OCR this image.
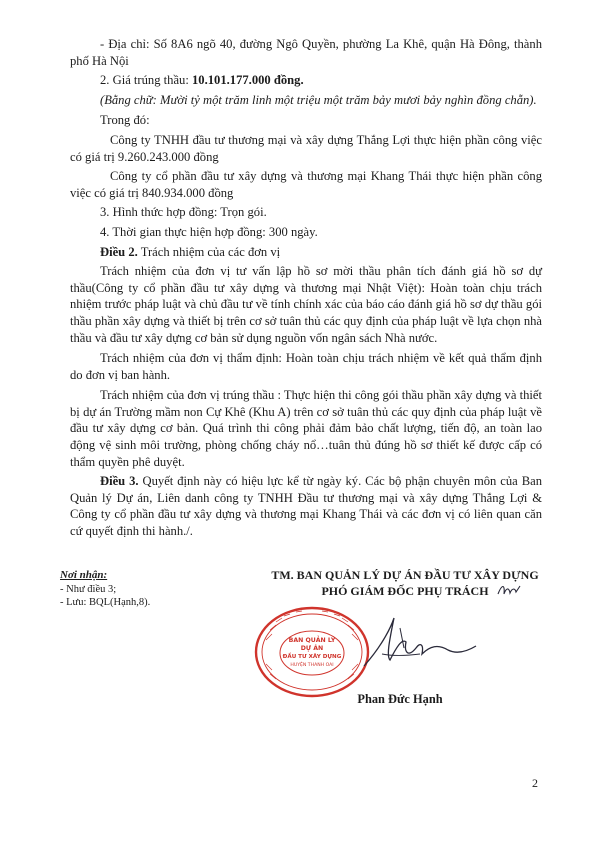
- Địa chỉ: Số 8A6 ngõ 40, đường Ngô Quyền, phường La Khê, quận Hà Đông, thành phố Hà Nội

2. Giá trúng thầu: 10.101.177.000 đồng.

(Bằng chữ: Mười tỷ một trăm linh một triệu một trăm bảy mươi bảy nghìn đồng chẵn).

Trong đó:

Công ty TNHH đầu tư thương mại và xây dựng Thắng Lợi thực hiện phần công việc có giá trị 9.260.243.000 đồng

Công ty cổ phần đầu tư xây dựng và thương mại Khang Thái thực hiện phần công việc có giá trị 840.934.000 đồng

3. Hình thức hợp đồng: Trọn gói.

4. Thời gian thực hiện hợp đồng: 300 ngày.

Điều 2. Trách nhiệm của các đơn vị

Trách nhiệm của đơn vị tư vấn lập hồ sơ mời thầu phân tích đánh giá hồ sơ dự thầu(Công ty cổ phần đầu tư xây dựng và thương mại Nhật Việt): Hoàn toàn chịu trách nhiệm trước pháp luật và chủ đầu tư về tính chính xác của báo cáo đánh giá hồ sơ dự thầu gói thầu phần xây dựng và thiết bị trên cơ sở tuân thủ các quy định của pháp luật về lựa chọn nhà thầu và đầu tư xây dựng cơ bản sử dụng nguồn vốn ngân sách Nhà nước.

Trách nhiệm của đơn vị thẩm định: Hoàn toàn chịu trách nhiệm về kết quả thẩm định do đơn vị ban hành.

Trách nhiệm của đơn vị trúng thầu : Thực hiện thi công gói thầu phần xây dựng và thiết bị dự án Trường mầm non Cự Khê (Khu A) trên cơ sở tuân thủ các quy định của pháp luật về đầu tư xây dựng cơ bản. Quá trình thi công phải đảm bảo chất lượng, tiến độ, an toàn lao động vệ sinh môi trường, phòng chống cháy nổ…tuân thủ đúng hồ sơ thiết kế được cấp có thẩm quyền phê duyệt.

Điều 3. Quyết định này có hiệu lực kể từ ngày ký. Các bộ phận chuyên môn của Ban Quản lý Dự án, Liên danh công ty TNHH Đầu tư thương mại và xây dựng Thắng Lợi & Công ty cổ phần đầu tư xây dựng và thương mại Khang Thái và các đơn vị có liên quan căn cứ quyết định thi hành./.

Nơi nhận:
- Như điều 3;
- Lưu: BQL(Hạnh,8).
TM. BAN QUẢN LÝ DỰ ÁN ĐẦU TƯ XÂY DỰNG
PHÓ GIÁM ĐỐC PHỤ TRÁCH
BAN QUẢN LÝ
DỰ ÁN
ĐẦU TƯ XÂY DỰNG
HUYỆN THANH OAI
Phan Đức Hạnh
2
